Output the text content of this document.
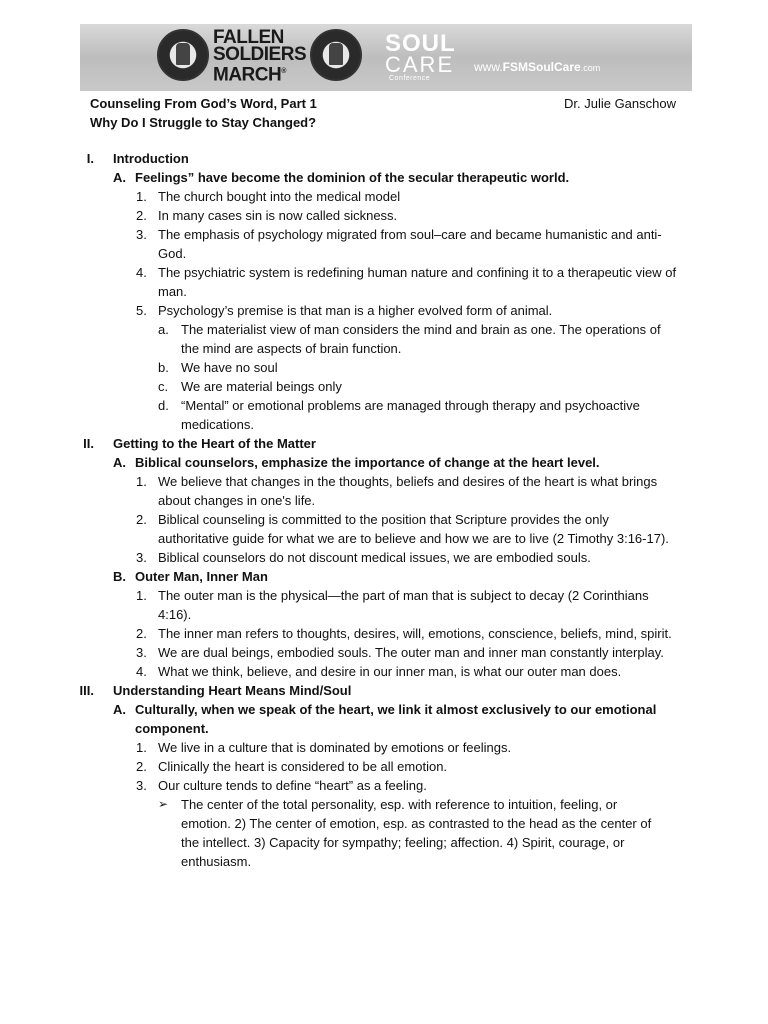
FALLEN
SOLDIERS
MARCH®
SOUL
CARE
Conference
www.FSMSoulCare.com
Counseling From God’s Word, Part 1
Why Do I Struggle to Stay Changed?
Dr. Julie Ganschow
I. Introduction
A. Feelings” have become the dominion of the secular therapeutic world.
1. The church bought into the medical model
2. In many cases sin is now called sickness.
3. The emphasis of psychology migrated from soul–care and became humanistic and anti-God.
4. The psychiatric system is redefining human nature and confining it to a therapeutic view of man.
5. Psychology’s premise is that man is a higher evolved form of animal.
a. The materialist view of man considers the mind and brain as one. The operations of the mind are aspects of brain function.
b. We have no soul
c. We are material beings only
d. “Mental” or emotional problems are managed through therapy and psychoactive medications.
II. Getting to the Heart of the Matter
A. Biblical counselors, emphasize the importance of change at the heart level.
1. We believe that changes in the thoughts, beliefs and desires of the heart is what brings about changes in one's life.
2. Biblical counseling is committed to the position that Scripture provides the only authoritative guide for what we are to believe and how we are to live (2 Timothy 3:16-17).
3. Biblical counselors do not discount medical issues, we are embodied souls.
B. Outer Man, Inner Man
1. The outer man is the physical—the part of man that is subject to decay (2 Corinthians 4:16).
2. The inner man refers to thoughts, desires, will, emotions, conscience, beliefs, mind, spirit.
3. We are dual beings, embodied souls. The outer man and inner man constantly interplay.
4. What we think, believe, and desire in our inner man, is what our outer man does.
III. Understanding Heart Means Mind/Soul
A. Culturally, when we speak of the heart, we link it almost exclusively to our emotional component.
1. We live in a culture that is dominated by emotions or feelings.
2. Clinically the heart is considered to be all emotion.
3. Our culture tends to define “heart” as a feeling.
➢ The center of the total personality, esp. with reference to intuition, feeling, or emotion. 2) The center of emotion, esp. as contrasted to the head as the center of the intellect. 3) Capacity for sympathy; feeling; affection. 4) Spirit, courage, or enthusiasm.
